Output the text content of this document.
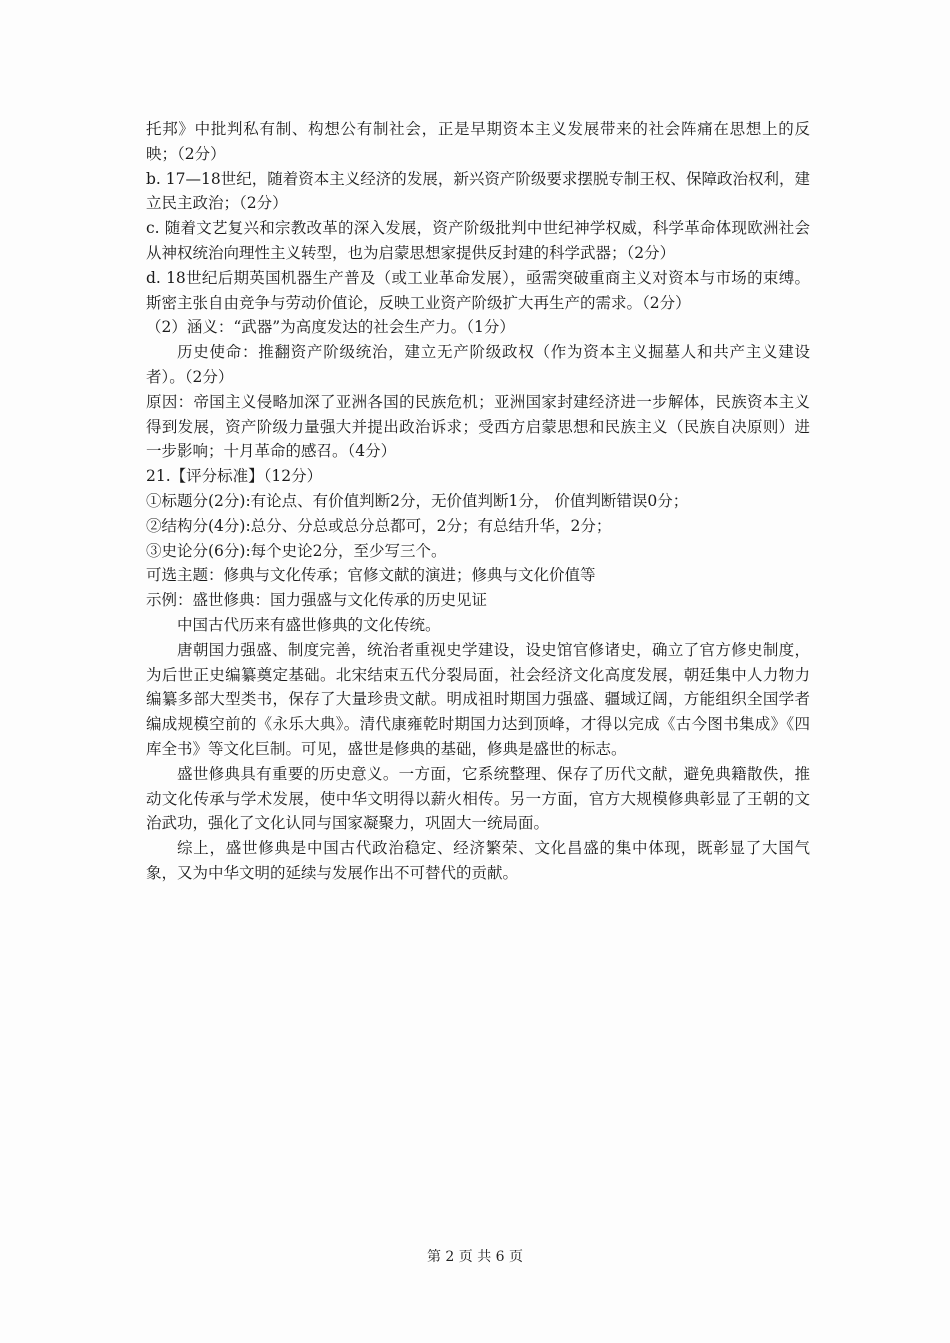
托邦》中批判私有制、构想公有制社会，正是早期资本主义发展带来的社会阵痛在思想上的反映；（2分）

b. 17—18世纪，随着资本主义经济的发展，新兴资产阶级要求摆脱专制王权、保障政治权利，建立民主政治；（2分）

c. 随着文艺复兴和宗教改革的深入发展，资产阶级批判中世纪神学权威，科学革命体现欧洲社会从神权统治向理性主义转型，也为启蒙思想家提供反封建的科学武器；（2分）

d. 18世纪后期英国机器生产普及（或工业革命发展），亟需突破重商主义对资本与市场的束缚。斯密主张自由竞争与劳动价值论，反映工业资产阶级扩大再生产的需求。（2分）

（2）涵义：“武器”为高度发达的社会生产力。（1分）

历史使命：推翻资产阶级统治，建立无产阶级政权（作为资本主义掘墓人和共产主义建设者）。（2分）

原因：帝国主义侵略加深了亚洲各国的民族危机；亚洲国家封建经济进一步解体，民族资本主义得到发展，资产阶级力量强大并提出政治诉求；受西方启蒙思想和民族主义（民族自决原则）进一步影响；十月革命的感召。（4分）

21.【评分标准】（12分）

①标题分(2分):有论点、有价值判断2分，无价值判断1分， 价值判断错误0分；

②结构分(4分):总分、分总或总分总都可，2分；有总结升华，2分；

③史论分(6分):每个史论2分，至少写三个。

可选主题：修典与文化传承；官修文献的演进；修典与文化价值等

示例：盛世修典：国力强盛与文化传承的历史见证

中国古代历来有盛世修典的文化传统。

唐朝国力强盛、制度完善，统治者重视史学建设，设史馆官修诸史，确立了官方修史制度，为后世正史编纂奠定基础。北宋结束五代分裂局面，社会经济文化高度发展，朝廷集中人力物力编纂多部大型类书，保存了大量珍贵文献。明成祖时期国力强盛、疆域辽阔，方能组织全国学者编成规模空前的《永乐大典》。清代康雍乾时期国力达到顶峰，才得以完成《古今图书集成》《四库全书》等文化巨制。可见，盛世是修典的基础，修典是盛世的标志。

盛世修典具有重要的历史意义。一方面，它系统整理、保存了历代文献，避免典籍散佚，推动文化传承与学术发展，使中华文明得以薪火相传。另一方面，官方大规模修典彰显了王朝的文治武功，强化了文化认同与国家凝聚力，巩固大一统局面。

综上，盛世修典是中国古代政治稳定、经济繁荣、文化昌盛的集中体现，既彰显了大国气象，又为中华文明的延续与发展作出不可替代的贡献。

第 2 页 共 6 页
